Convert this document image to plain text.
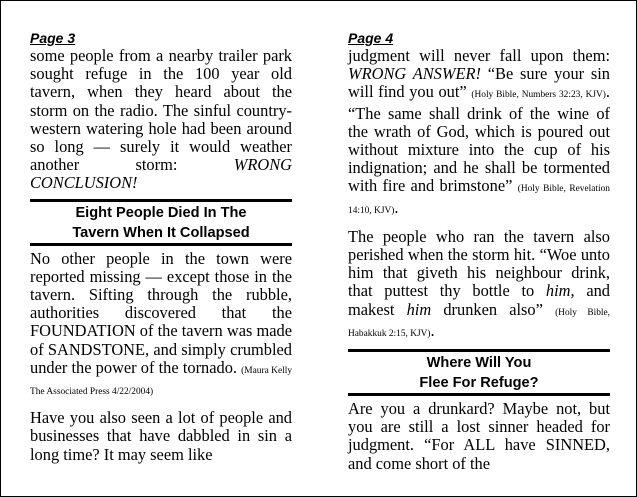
Page 3

some people from a nearby trailer park sought refuge in the 100 year old tavern, when they heard about the storm on the radio. The sinful country-western watering hole had been around so long — surely it would weather another storm: WRONG CONCLUSION!

Eight People Died In The
Tavern When It Collapsed

No other people in the town were reported missing — except those in the tavern. Sifting through the rubble, authorities discovered that the FOUNDATION of the tavern was made of SANDSTONE, and simply crumbled under the power of the tornado. (Maura Kelly The Associated Press 4/22/2004)

Have you also seen a lot of people and businesses that have dabbled in sin a long time? It may seem like

Page 4

judgment will never fall upon them: WRONG ANSWER! “Be sure your sin will find you out” (Holy Bible, Numbers 32:23, KJV). “The same shall drink of the wine of the wrath of God, which is poured out without mixture into the cup of his indignation; and he shall be tormented with fire and brimstone” (Holy Bible, Revelation 14:10, KJV).

The people who ran the tavern also perished when the storm hit. “Woe unto him that giveth his neighbour drink, that puttest thy bottle to him, and makest him drunken also” (Holy Bible, Habakkuk 2:15, KJV).

Where Will You
Flee For Refuge?

Are you a drunkard? Maybe not, but you are still a lost sinner headed for judgment. “For ALL have SINNED, and come short of the
